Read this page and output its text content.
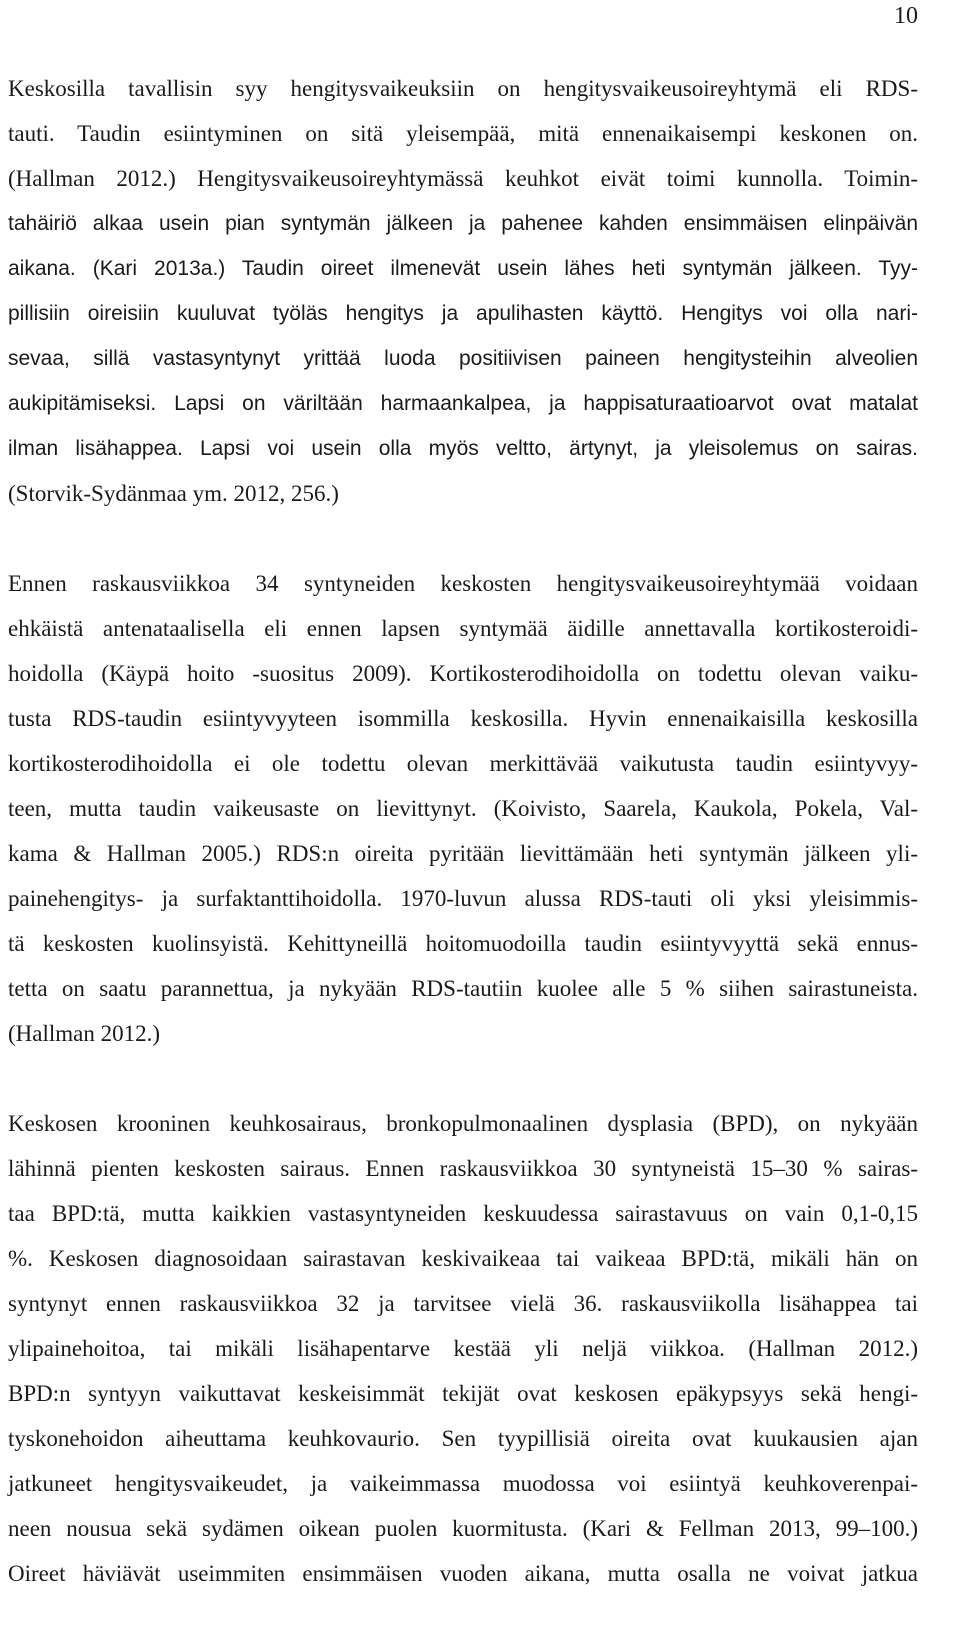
10

Keskosilla tavallisin syy hengitysvaikeuksiin on hengitysvaikeusoireyhtymä eli RDS-
tauti. Taudin esiintyminen on sitä yleisempää, mitä ennenaikaisempi keskonen on.
(Hallman 2012.) Hengitysvaikeusoireyhtymässä keuhkot eivät toimi kunnolla. Toimin-
tahäiriö alkaa usein pian syntymän jälkeen ja pahenee kahden ensimmäisen elinpäivän
aikana. (Kari 2013a.) Taudin oireet ilmenevät usein lähes heti syntymän jälkeen. Tyy-
pillisiin oireisiin kuuluvat työläs hengitys ja apulihasten käyttö. Hengitys voi olla nari-
sevaa, sillä vastasyntynyt yrittää luoda positiivisen paineen hengitysteihin alveolien
aukipitämiseksi. Lapsi on väriltään harmaankalpea, ja happisaturaatioarvot ovat matalat
ilman lisähappea. Lapsi voi usein olla myös veltto, ärtynyt, ja yleisolemus on sairas.
(Storvik-Sydänmaa ym. 2012, 256.)

Ennen raskausviikkoa 34 syntyneiden keskosten hengitysvaikeusoireyhtymää voidaan
ehkäistä antenataalisella eli ennen lapsen syntymää äidille annettavalla kortikosteroidi-
hoidolla (Käypä hoito -suositus 2009). Kortikosterodihoidolla on todettu olevan vaiku-
tusta RDS-taudin esiintyvyyteen isommilla keskosilla. Hyvin ennenaikaisilla keskosilla
kortikosterodihoidolla ei ole todettu olevan merkittävää vaikutusta taudin esiintyvyy-
teen, mutta taudin vaikeusaste on lievittynyt. (Koivisto, Saarela, Kaukola, Pokela, Val-
kama & Hallman 2005.) RDS:n oireita pyritään lievittämään heti syntymän jälkeen yli-
painehengitys- ja surfaktanttihoidolla. 1970-luvun alussa RDS-tauti oli yksi yleisimmis-
tä keskosten kuolinsyistä. Kehittyneillä hoitomuodoilla taudin esiintyvyyttä sekä ennus-
tetta on saatu parannettua, ja nykyään RDS-tautiin kuolee alle 5 % siihen sairastuneista.
(Hallman 2012.)

Keskosen krooninen keuhkosairaus, bronkopulmonaalinen dysplasia (BPD), on nykyään
lähinnä pienten keskosten sairaus. Ennen raskausviikkoa 30 syntyneistä 15–30 % sairas-
taa BPD:tä, mutta kaikkien vastasyntyneiden keskuudessa sairastavuus on vain 0,1-0,15
%. Keskosen diagnosoidaan sairastavan keskivaikeaa tai vaikeaa BPD:tä, mikäli hän on
syntynyt ennen raskausviikkoa 32 ja tarvitsee vielä 36. raskausviikolla lisähappea tai
ylipainehoitoa, tai mikäli lisähapentarve kestää yli neljä viikkoa. (Hallman 2012.)
BPD:n syntyyn vaikuttavat keskeisimmät tekijät ovat keskosen epäkypsyys sekä hengi-
tyskonehoidon aiheuttama keuhkovaurio. Sen tyypillisiä oireita ovat kuukausien ajan
jatkuneet hengitysvaikeudet, ja vaikeimmassa muodossa voi esiintyä keuhkoverenpai-
neen nousua sekä sydämen oikean puolen kuormitusta. (Kari & Fellman 2013, 99–100.)
Oireet häviävät useimmiten ensimmäisen vuoden aikana, mutta osalla ne voivat jatkua
